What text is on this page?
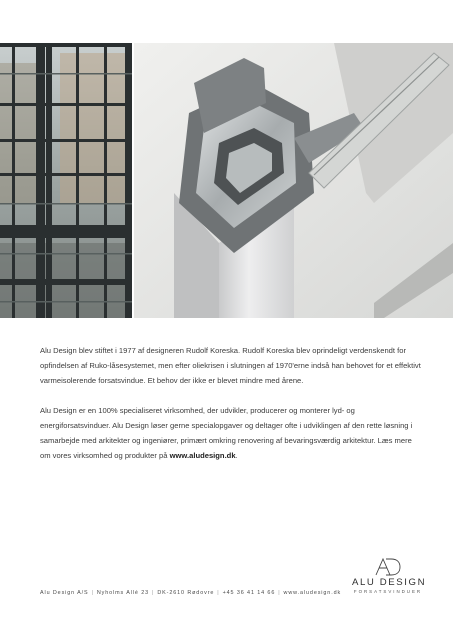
Alu Design blev stiftet i 1977 af designeren Rudolf Koreska. Rudolf Koreska blev oprindeligt verdenskendt for opfindelsen af Ruko-låsesystemet, men efter oliekrisen i slutningen af 1970'erne indså han behovet for et effektivt varmeisolerende forsatsvindue. Et behov der ikke er blevet mindre med årene.

Alu Design er en 100% specialiseret virksomhed, der udvikler, producerer og monterer lyd- og energiforsatsvinduer. Alu Design løser gerne specialopgaver og deltager ofte i udviklingen af den rette løsning i samarbejde med arkitekter og ingeniører, primært omkring renovering af bevaringsværdig arkitektur. Læs mere om vores virksomhed og produkter på www.aludesign.dk.

ALU DESIGN
FORSATSVINDUER
Alu Design A/S | Nyholms Allé 23 | DK-2610 Rødovre | +45 36 41 14 66 | www.aludesign.dk
